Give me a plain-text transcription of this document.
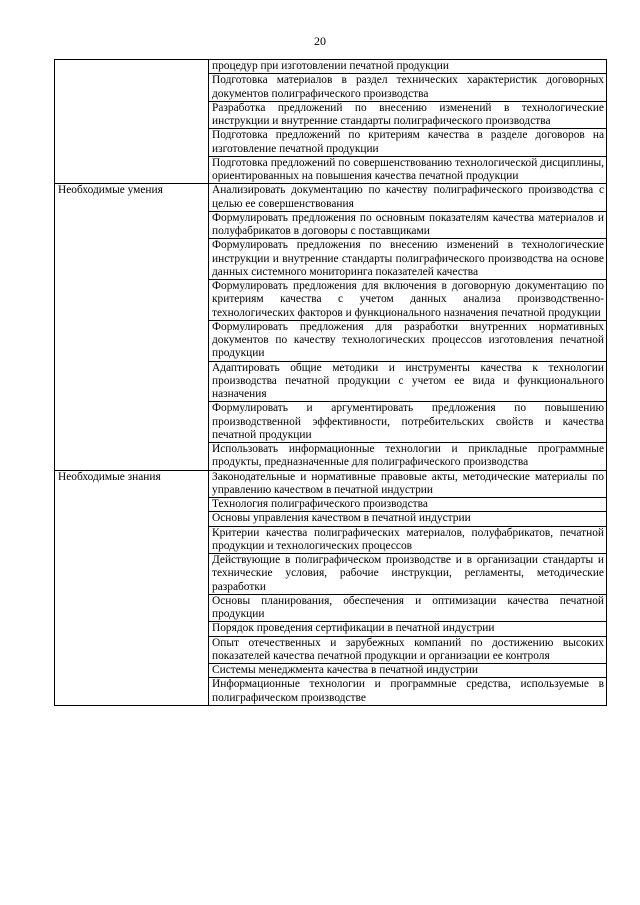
20
	процедур при изготовлении печатной продукции
	Подготовка материалов в раздел технических характеристик договорных документов полиграфического производства
	Разработка предложений по внесению изменений в технологические инструкции и внутренние стандарты полиграфического производства
	Подготовка предложений по критериям качества в разделе договоров на изготовление печатной продукции
	Подготовка предложений по совершенствованию технологической дисциплины, ориентированных на повышения качества печатной продукции
Необходимые умения	Анализировать документацию по качеству полиграфического производства с целью ее совершенствования
	Формулировать предложения по основным показателям качества материалов и полуфабрикатов в договоры с поставщиками
	Формулировать предложения по внесению изменений в технологические инструкции и внутренние стандарты полиграфического производства на основе данных системного мониторинга показателей качества
	Формулировать предложения для включения в договорную документацию по критериям качества с учетом данных анализа производственно-технологических факторов и функционального назначения печатной продукции
	Формулировать предложения для разработки внутренних нормативных документов по качеству технологических процессов изготовления печатной продукции
	Адаптировать общие методики и инструменты качества к технологии производства печатной продукции с учетом ее вида и функционального назначения
	Формулировать и аргументировать предложения по повышению производственной эффективности, потребительских свойств и качества печатной продукции
	Использовать информационные технологии и прикладные программные продукты, предназначенные для полиграфического производства
Необходимые знания	Законодательные и нормативные правовые акты, методические материалы по управлению качеством в печатной индустрии
	Технология полиграфического производства
	Основы управления качеством в печатной индустрии
	Критерии качества полиграфических материалов, полуфабрикатов, печатной продукции и технологических процессов
	Действующие в полиграфическом производстве и в организации стандарты и технические условия, рабочие инструкции, регламенты, методические разработки
	Основы планирования, обеспечения и оптимизации качества печатной продукции
	Порядок проведения сертификации в печатной индустрии
	Опыт отечественных и зарубежных компаний по достижению высоких показателей качества печатной продукции и организации ее контроля
	Системы менеджмента качества в печатной индустрии
	Информационные технологии и программные средства, используемые в полиграфическом производстве
